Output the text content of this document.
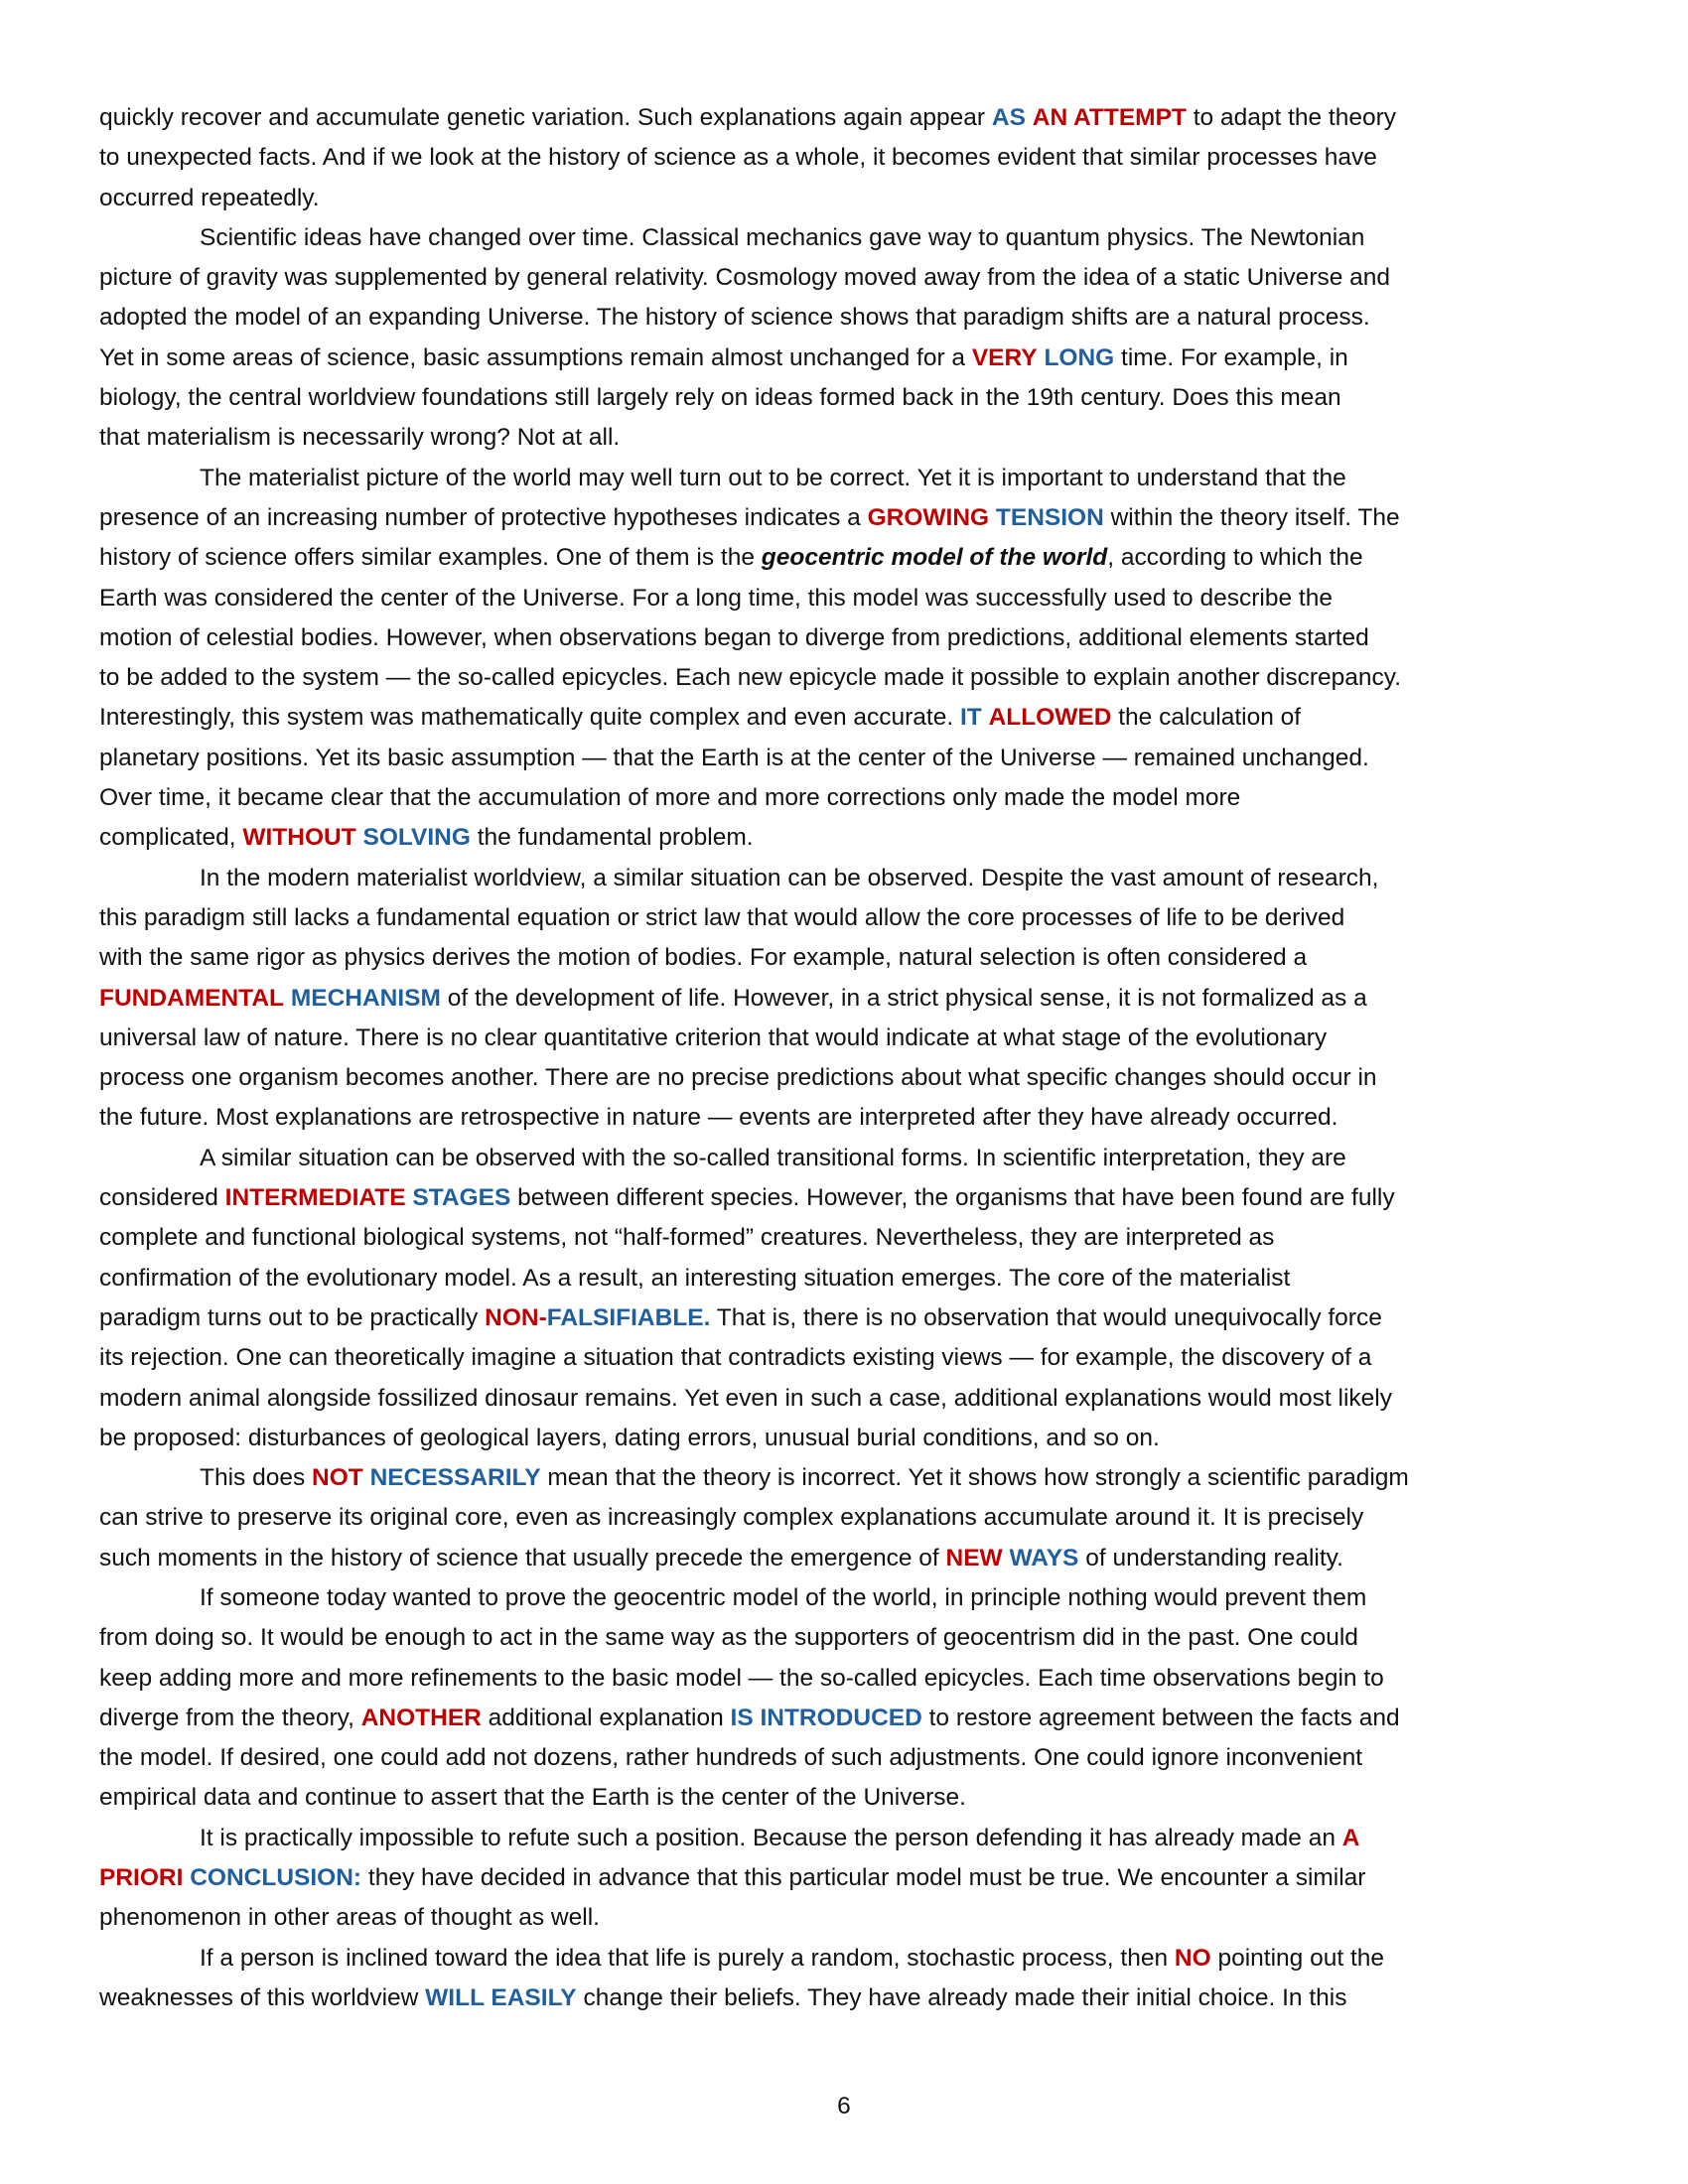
quickly recover and accumulate genetic variation. Such explanations again appear AS AN ATTEMPT to adapt the theory
to unexpected facts. And if we look at the history of science as a whole, it becomes evident that similar processes have
occurred repeatedly.
Scientific ideas have changed over time. Classical mechanics gave way to quantum physics. The Newtonian
picture of gravity was supplemented by general relativity. Cosmology moved away from the idea of a static Universe and
adopted the model of an expanding Universe. The history of science shows that paradigm shifts are a natural process.
Yet in some areas of science, basic assumptions remain almost unchanged for a VERY LONG time. For example, in
biology, the central worldview foundations still largely rely on ideas formed back in the 19th century. Does this mean
that materialism is necessarily wrong? Not at all.
The materialist picture of the world may well turn out to be correct. Yet it is important to understand that the
presence of an increasing number of protective hypotheses indicates a GROWING TENSION within the theory itself. The
history of science offers similar examples. One of them is the geocentric model of the world, according to which the
Earth was considered the center of the Universe. For a long time, this model was successfully used to describe the
motion of celestial bodies. However, when observations began to diverge from predictions, additional elements started
to be added to the system — the so-called epicycles. Each new epicycle made it possible to explain another discrepancy.
Interestingly, this system was mathematically quite complex and even accurate. IT ALLOWED the calculation of
planetary positions. Yet its basic assumption — that the Earth is at the center of the Universe — remained unchanged.
Over time, it became clear that the accumulation of more and more corrections only made the model more
complicated, WITHOUT SOLVING the fundamental problem.
In the modern materialist worldview, a similar situation can be observed. Despite the vast amount of research,
this paradigm still lacks a fundamental equation or strict law that would allow the core processes of life to be derived
with the same rigor as physics derives the motion of bodies. For example, natural selection is often considered a
FUNDAMENTAL MECHANISM of the development of life. However, in a strict physical sense, it is not formalized as a
universal law of nature. There is no clear quantitative criterion that would indicate at what stage of the evolutionary
process one organism becomes another. There are no precise predictions about what specific changes should occur in
the future. Most explanations are retrospective in nature — events are interpreted after they have already occurred.
A similar situation can be observed with the so-called transitional forms. In scientific interpretation, they are
considered INTERMEDIATE STAGES between different species. However, the organisms that have been found are fully
complete and functional biological systems, not “half-formed” creatures. Nevertheless, they are interpreted as
confirmation of the evolutionary model. As a result, an interesting situation emerges. The core of the materialist
paradigm turns out to be practically NON-FALSIFIABLE. That is, there is no observation that would unequivocally force
its rejection. One can theoretically imagine a situation that contradicts existing views — for example, the discovery of a
modern animal alongside fossilized dinosaur remains. Yet even in such a case, additional explanations would most likely
be proposed: disturbances of geological layers, dating errors, unusual burial conditions, and so on.
This does NOT NECESSARILY mean that the theory is incorrect. Yet it shows how strongly a scientific paradigm
can strive to preserve its original core, even as increasingly complex explanations accumulate around it. It is precisely
such moments in the history of science that usually precede the emergence of NEW WAYS of understanding reality.
If someone today wanted to prove the geocentric model of the world, in principle nothing would prevent them
from doing so. It would be enough to act in the same way as the supporters of geocentrism did in the past. One could
keep adding more and more refinements to the basic model — the so-called epicycles. Each time observations begin to
diverge from the theory, ANOTHER additional explanation IS INTRODUCED to restore agreement between the facts and
the model. If desired, one could add not dozens, rather hundreds of such adjustments. One could ignore inconvenient
empirical data and continue to assert that the Earth is the center of the Universe.
It is practically impossible to refute such a position. Because the person defending it has already made an A
PRIORI CONCLUSION: they have decided in advance that this particular model must be true. We encounter a similar
phenomenon in other areas of thought as well.
If a person is inclined toward the idea that life is purely a random, stochastic process, then NO pointing out the
weaknesses of this worldview WILL EASILY change their beliefs. They have already made their initial choice. In this
6
